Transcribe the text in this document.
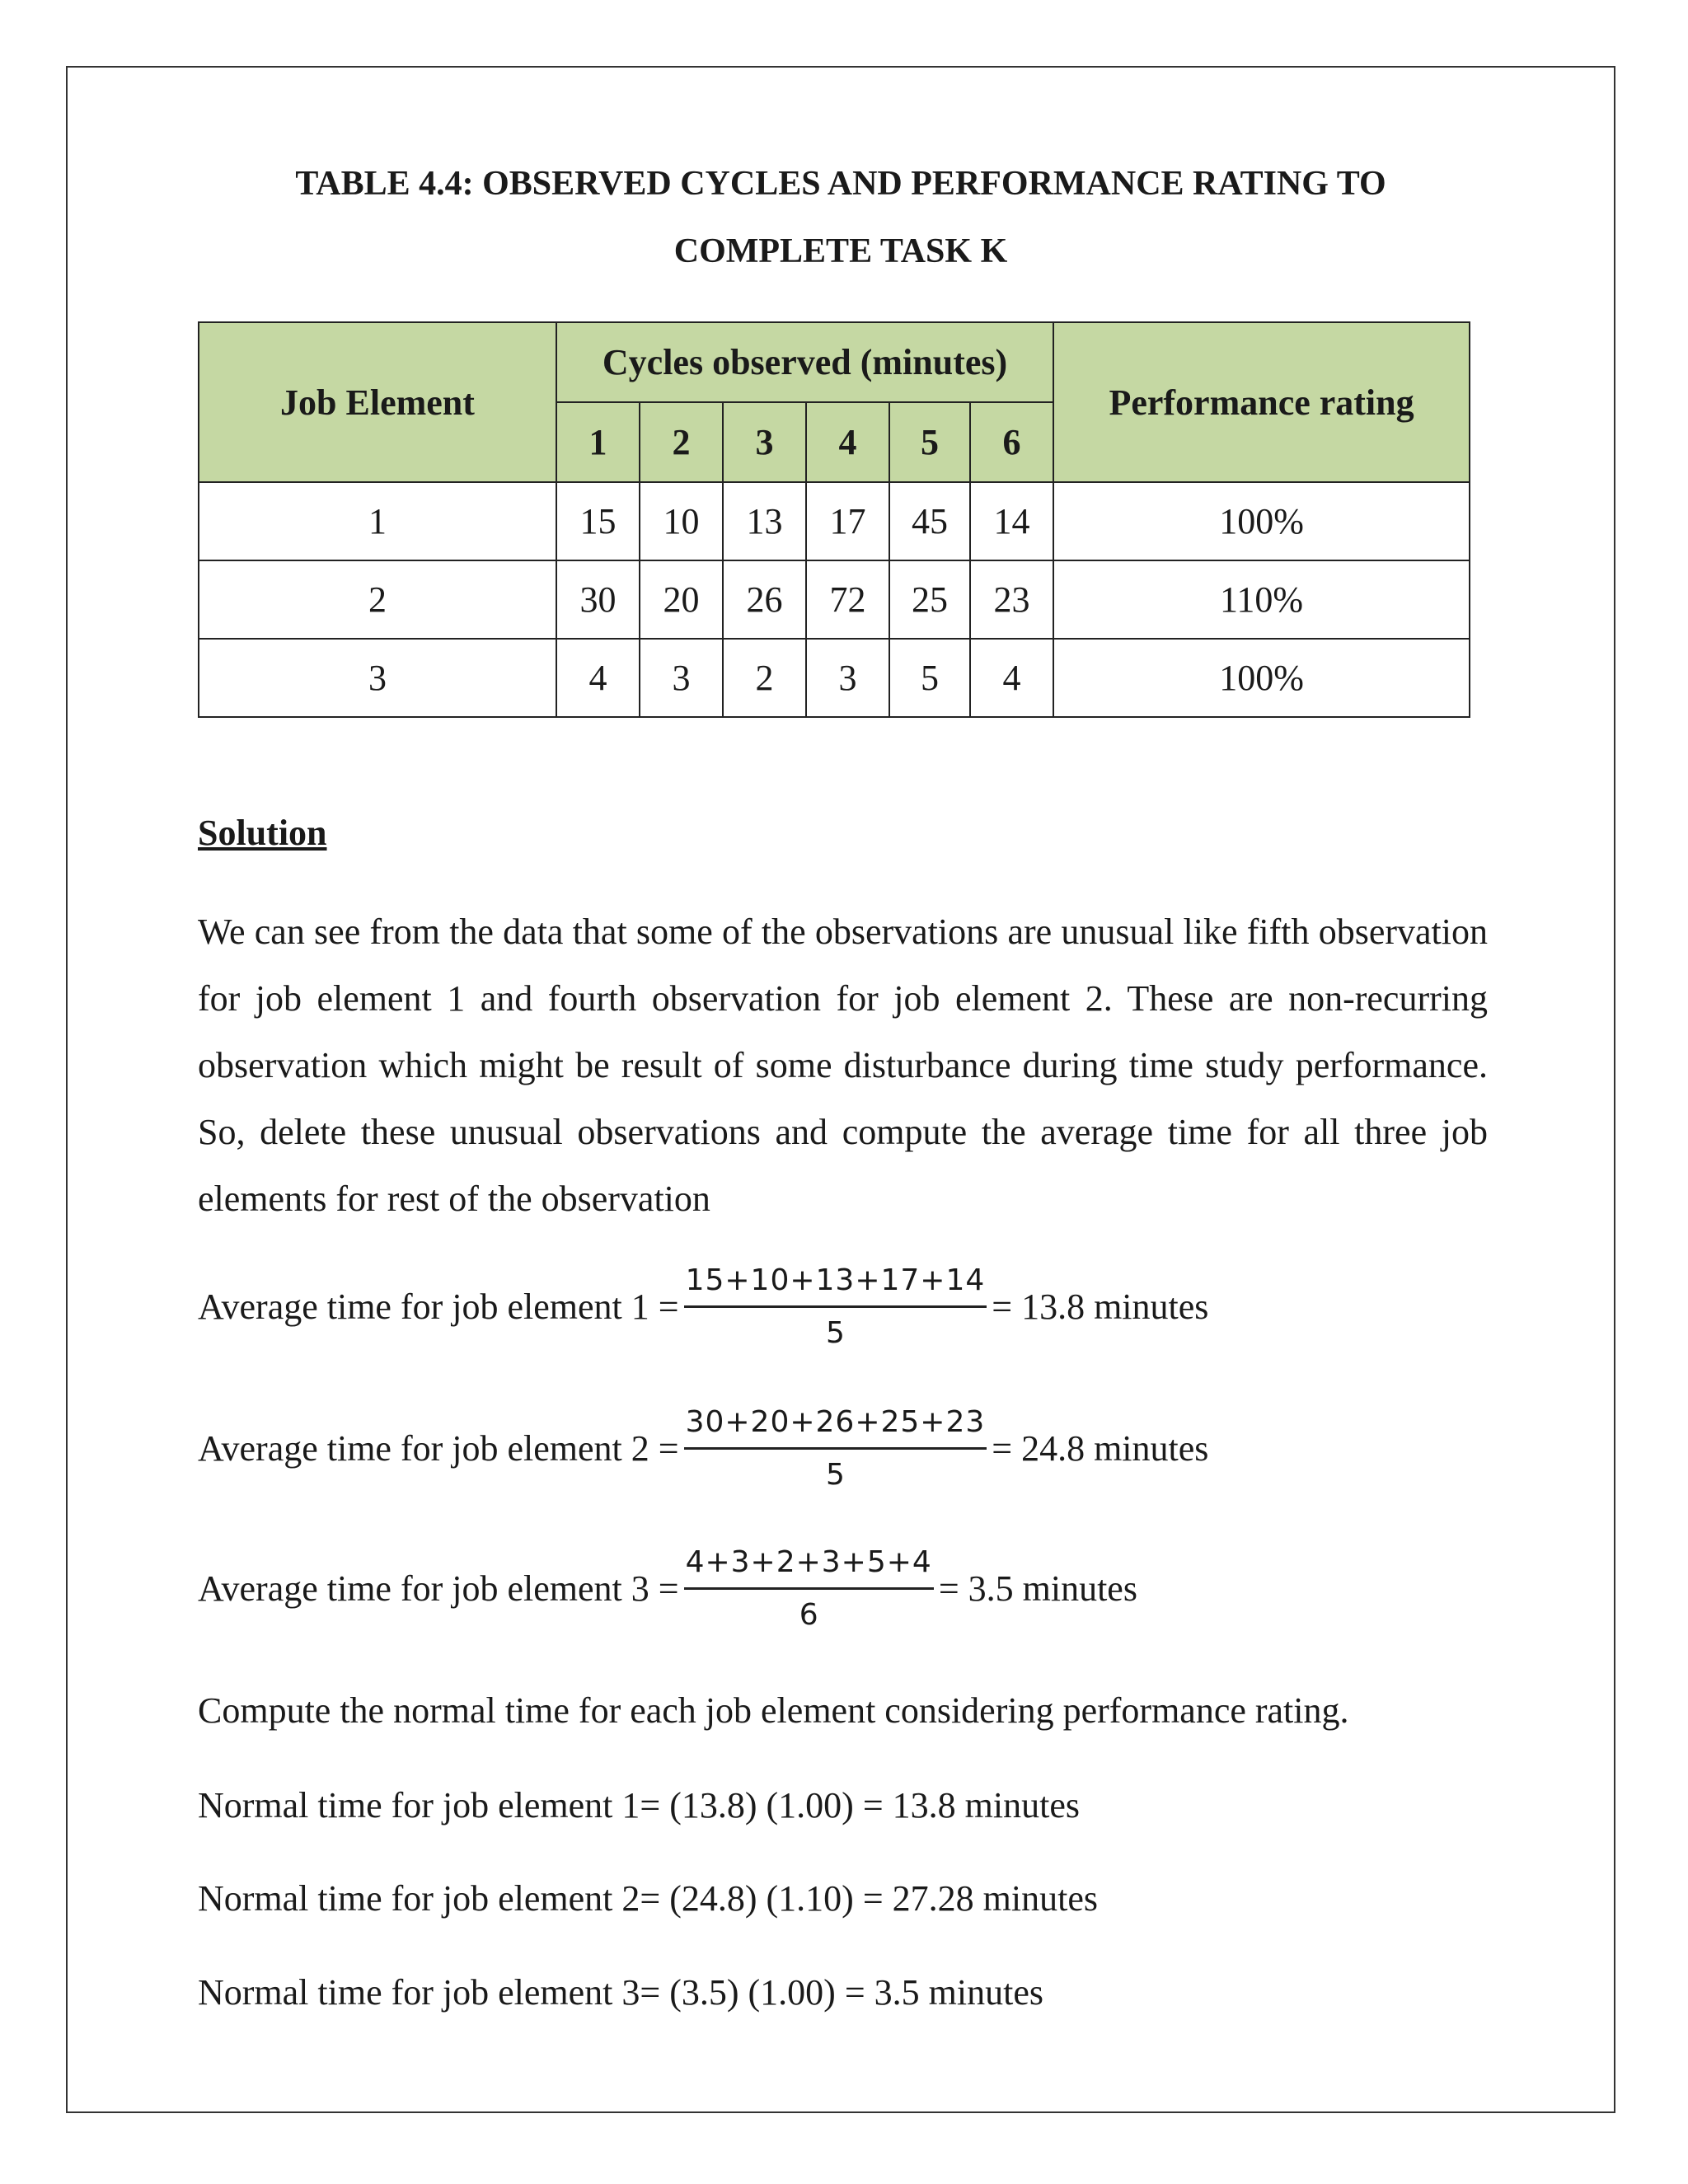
TABLE 4.4: OBSERVED CYCLES AND PERFORMANCE RATING TO
COMPLETE TASK K
Job Element	Cycles observed (minutes)						Performance rating
	1	2	3	4	5	6	
1	15	10	13	17	45	14	100%
2	30	20	26	72	25	23	110%
3	4	3	2	3	5	4	100%
Solution

We can see from the data that some of the observations are unusual like fifth observation for job element 1 and fourth observation for job element 2. These are non-recurring observation which might be result of some disturbance during time study performance. So, delete these unusual observations and compute the average time for all three job elements for rest of the observation

Average time for job element $1 = \frac{15+10+13+17+14}{5} = 13.8$ minutes
Average time for job element $2 = \frac{30+20+26+25+23}{5} = 24.8$ minutes
Average time for job element $3 = \frac{4+3+2+3+5+4}{6} = 3.5$ minutes

Compute the normal time for each job element considering performance rating.

Normal time for job element 1= (13.8) (1.00) = 13.8 minutes

Normal time for job element 2= (24.8) (1.10) = 27.28 minutes

Normal time for job element 3= (3.5) (1.00) = 3.5 minutes
